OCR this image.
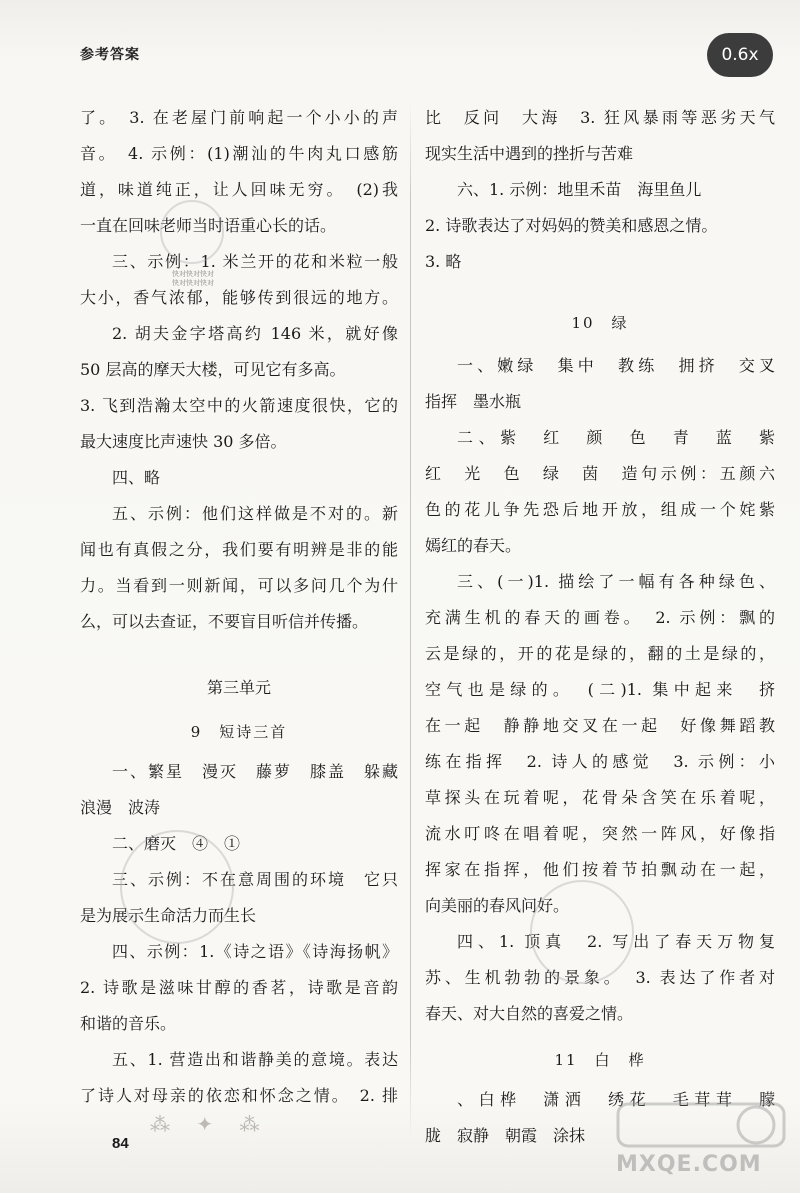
参考答案	0.6x
了。　3. 在老屋门前响起一个小小的声
音。　4. 示例：(1)潮汕的牛肉丸口感筋
道，味道纯正，让人回味无穷。　(2)我
一直在回味老师当时语重心长的话。
三、示例：1. 米兰开的花和米粒一般
大小，香气浓郁，能够传到很远的地方。
2. 胡夫金字塔高约 146 米，就好像
50 层高的摩天大楼，可见它有多高。
3. 飞到浩瀚太空中的火箭速度很快，它的
最大速度比声速快 30 多倍。
四、略
五、示例：他们这样做是不对的。新
闻也有真假之分，我们要有明辨是非的能
力。当看到一则新闻，可以多问几个为什
么，可以去查证，不要盲目听信并传播。
第三单元
9　短诗三首
一、繁星　漫灭　藤萝　膝盖　躲藏
浪漫　波涛
二、磨灭　④　①
三、示例：不在意周围的环境　它只
是为展示生命活力而生长
四、示例：1.《诗之语》《诗海扬帆》
2. 诗歌是滋味甘醇的香茗，诗歌是音韵
和谐的音乐。
五、1. 营造出和谐静美的意境。表达
了诗人对母亲的依恋和怀念之情。　2. 排
比　反问　大海　3. 狂风暴雨等恶劣天气
现实生活中遇到的挫折与苦难
六、1. 示例：地里禾苗　海里鱼儿
2. 诗歌表达了对妈妈的赞美和感恩之情。
3. 略
10　绿
一、嫩绿　集中　教练　拥挤　交叉
指挥　墨水瓶
二、紫　红　颜　色　青　蓝　紫
红　光　色　绿　茵　造句示例：五颜六
色的花儿争先恐后地开放，组成一个姹紫
嫣红的春天。
三、(一)1. 描绘了一幅有各种绿色、
充满生机的春天的画卷。　2. 示例：飘的
云是绿的，开的花是绿的，翻的土是绿的，
空气也是绿的。　(二)1. 集中起来　挤
在一起　静静地交叉在一起　好像舞蹈教
练在指挥　2. 诗人的感觉　3. 示例：小
草探头在玩着呢，花骨朵含笑在乐着呢，
流水叮咚在唱着呢，突然一阵风，好像指
挥家在指挥，他们按着节拍飘动在一起，
向美丽的春风问好。
四、1. 顶真　2. 写出了春天万物复
苏、生机勃勃的景象。　3. 表达了作者对
春天、对大自然的喜爱之情。
11　白　桦
、白桦　潇洒　绣花　毛茸茸　朦
胧　寂静　朝霞　涂抹
快对快对快对
快对快对快对
⁂ ✦ ⁂
84
MXQE.COM
